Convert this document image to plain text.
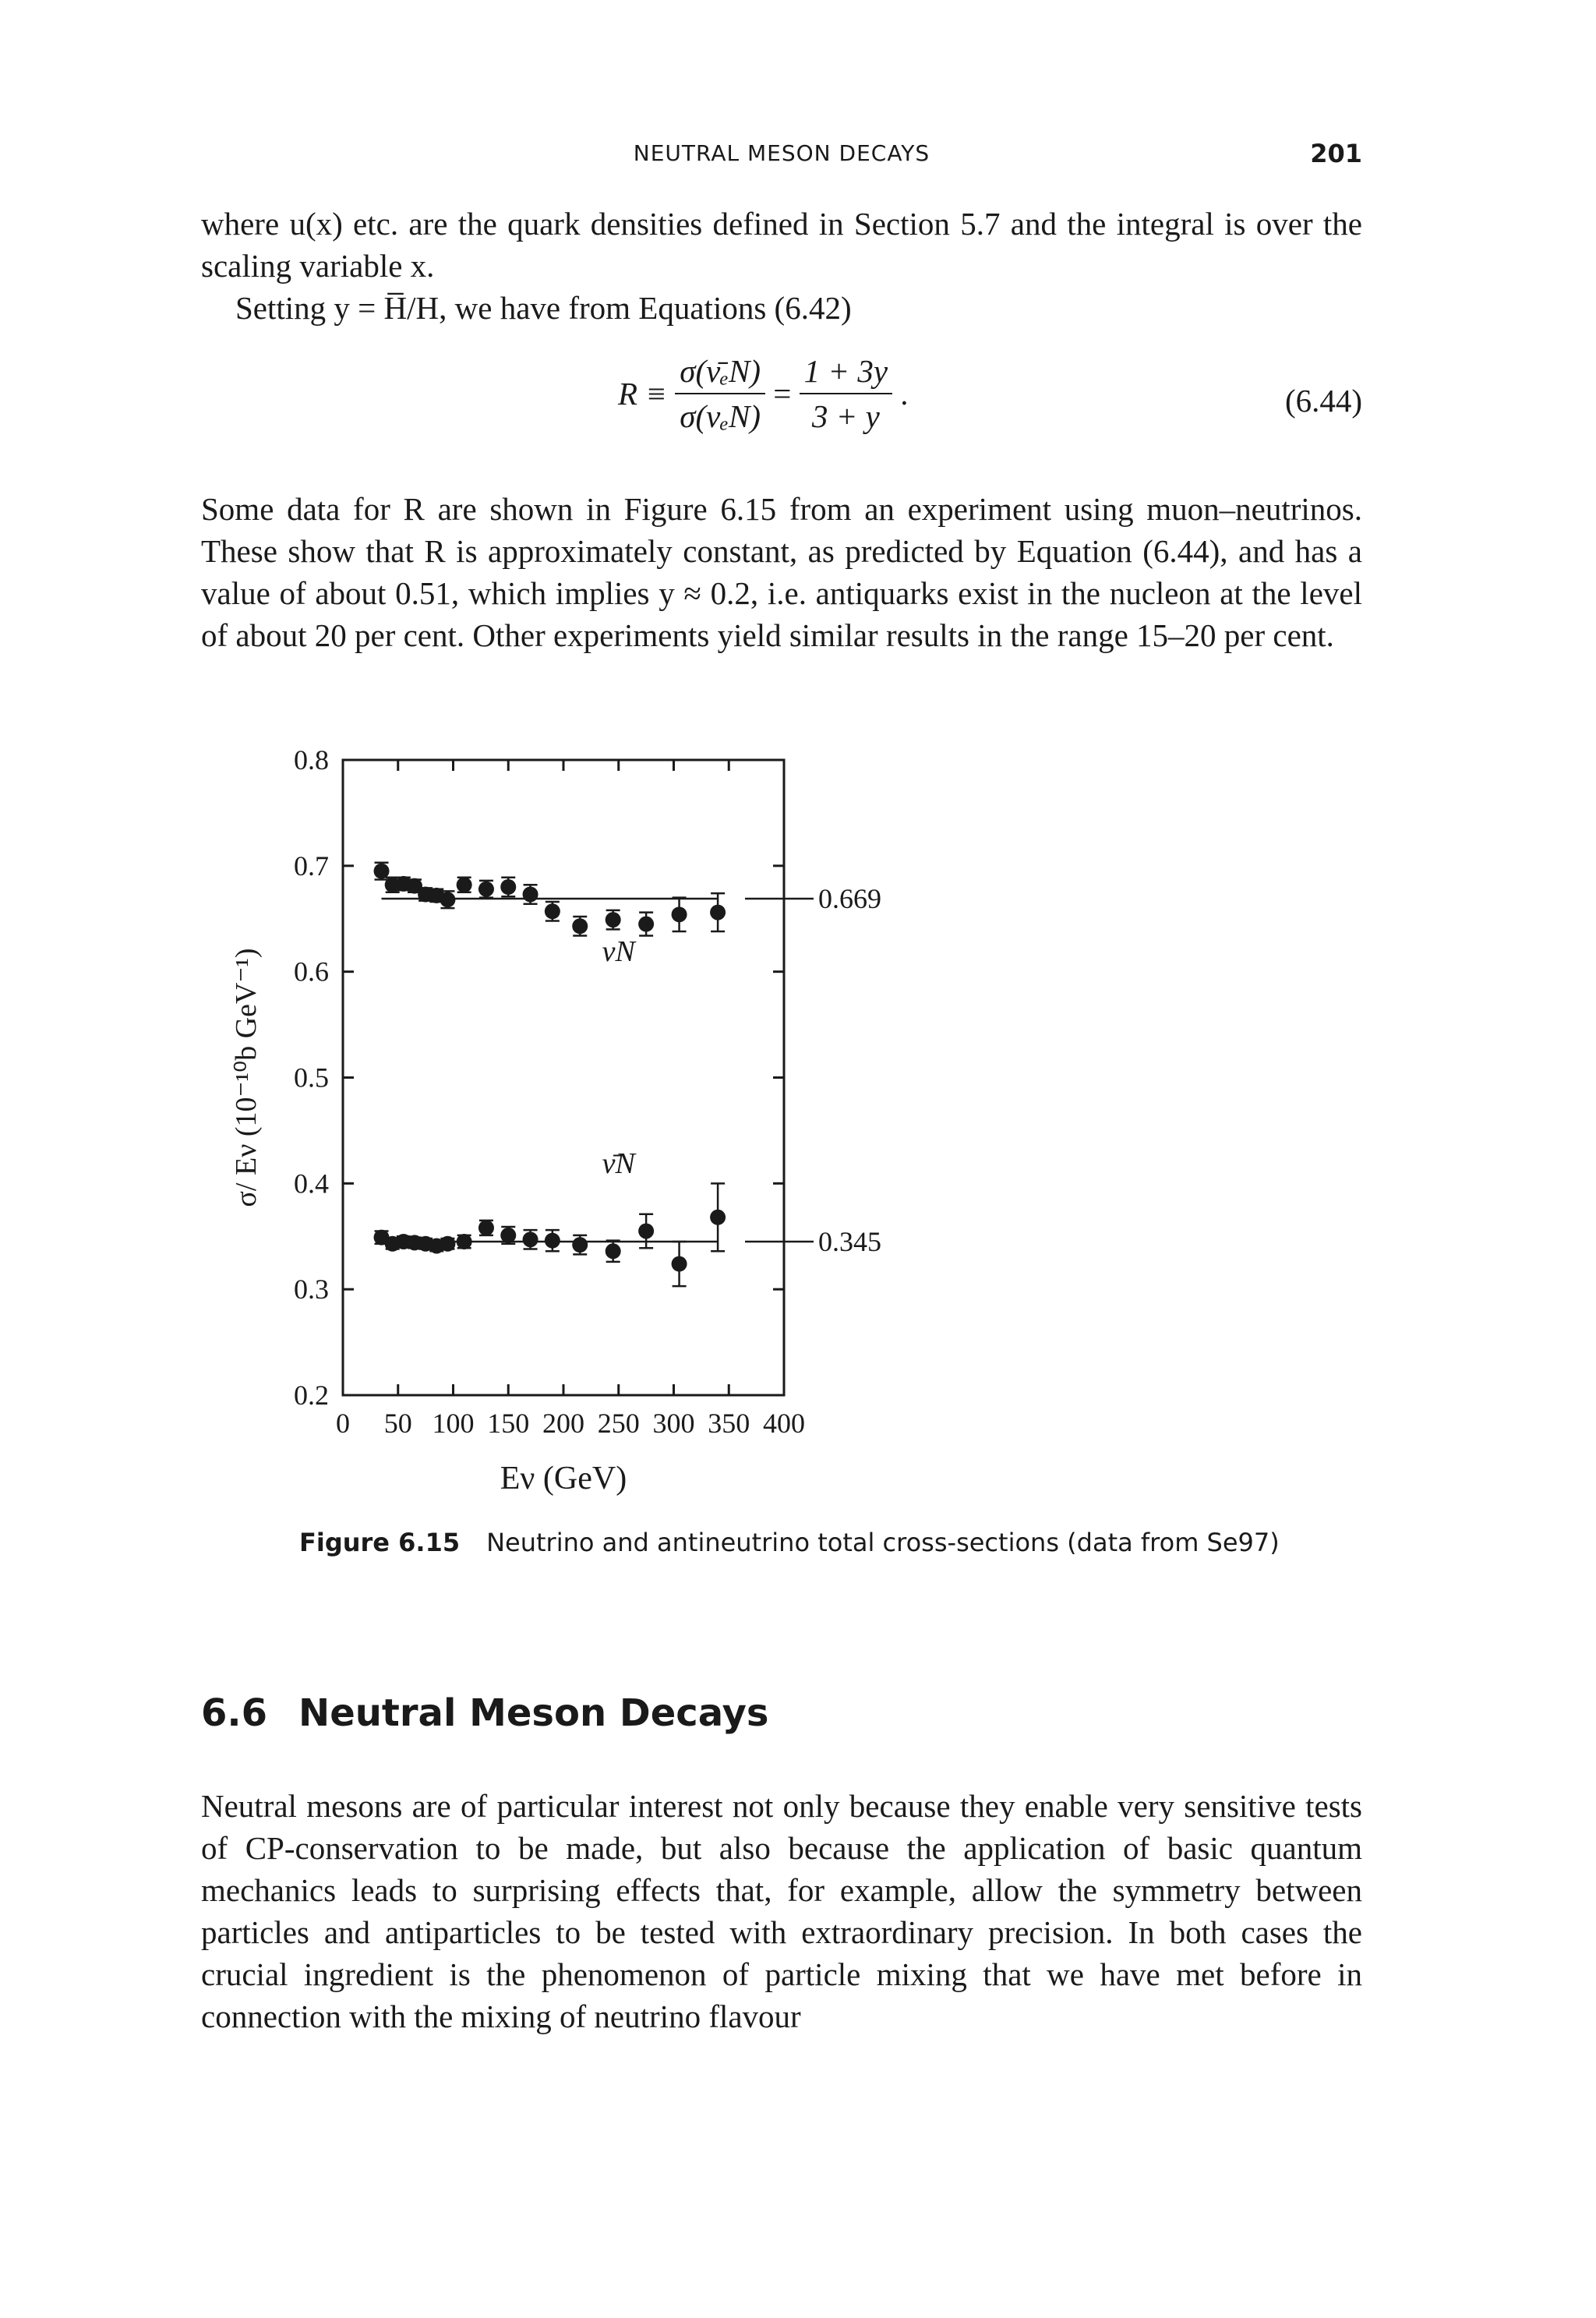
NEUTRAL MESON DECAYS	201
where u(x) etc. are the quark densities defined in Section 5.7 and the integral is over the scaling variable x.
Setting y = H̅/H, we have from Equations (6.42)
$R \equiv \frac{\text{σ(ν̄ₑN)}}{\text{σ(νₑN)}} = \frac{1 + 3y}{3 + y}$ .	(6.44)
Some data for R are shown in Figure 6.15 from an experiment using muon–neutrinos. These show that R is approximately constant, as predicted by Equation (6.44), and has a value of about 0.51, which implies y ≈ 0.2, i.e. antiquarks exist in the nucleon at the level of about 20 per cent. Other experiments yield similar results in the range 15–20 per cent.
0 50 100 150 200 250 300 350 400
0.2
0.3
0.4
0.5
0.6
0.7
0.8
Eν (GeV)
σ/ Eν (10⁻¹⁰b GeV⁻¹)
0.669
νN
0.345
ν̄N
Figure 6.15 Neutrino and antineutrino total cross-sections (data from Se97)
6.6 Neutral Meson Decays
Neutral mesons are of particular interest not only because they enable very sensitive tests of CP-conservation to be made, but also because the application of basic quantum mechanics leads to surprising effects that, for example, allow the symmetry between particles and antiparticles to be tested with extraordinary precision. In both cases the crucial ingredient is the phenomenon of particle mixing that we have met before in connection with the mixing of neutrino flavour
